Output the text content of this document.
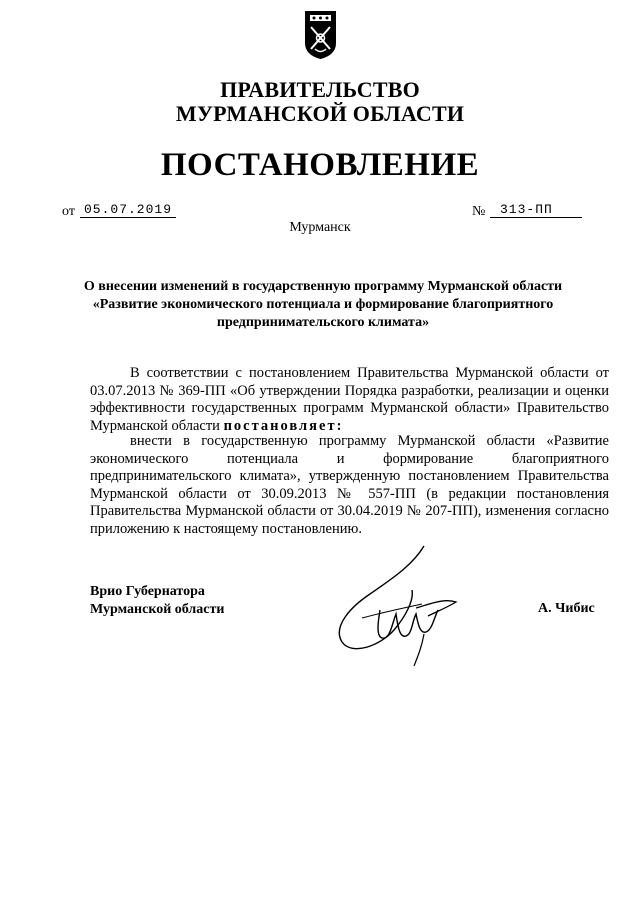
ПРАВИТЕЛЬСТВО
МУРМАНСКОЙ ОБЛАСТИ
ПОСТАНОВЛЕНИЕ
от 05.07.2019	№ 313-ПП
Мурманск
О внесении изменений в государственную программу Мурманской области
«Развитие экономического потенциала и формирование благоприятного
предпринимательского климата»
В соответствии с постановлением Правительства Мурманской области от 03.07.2013 № 369-ПП «Об утверждении Порядка разработки, реализации и оценки эффективности государственных программ Мурманской области» Правительство Мурманской области постановляет:
внести в государственную программу Мурманской области «Развитие экономического потенциала и формирование благоприятного предпринимательского климата», утвержденную постановлением Правительства Мурманской области от 30.09.2013 № 557-ПП (в редакции постановления Правительства Мурманской области от 30.04.2019 № 207-ПП), изменения согласно приложению к настоящему постановлению.
Врио Губернатора
Мурманской области	А. Чибис
